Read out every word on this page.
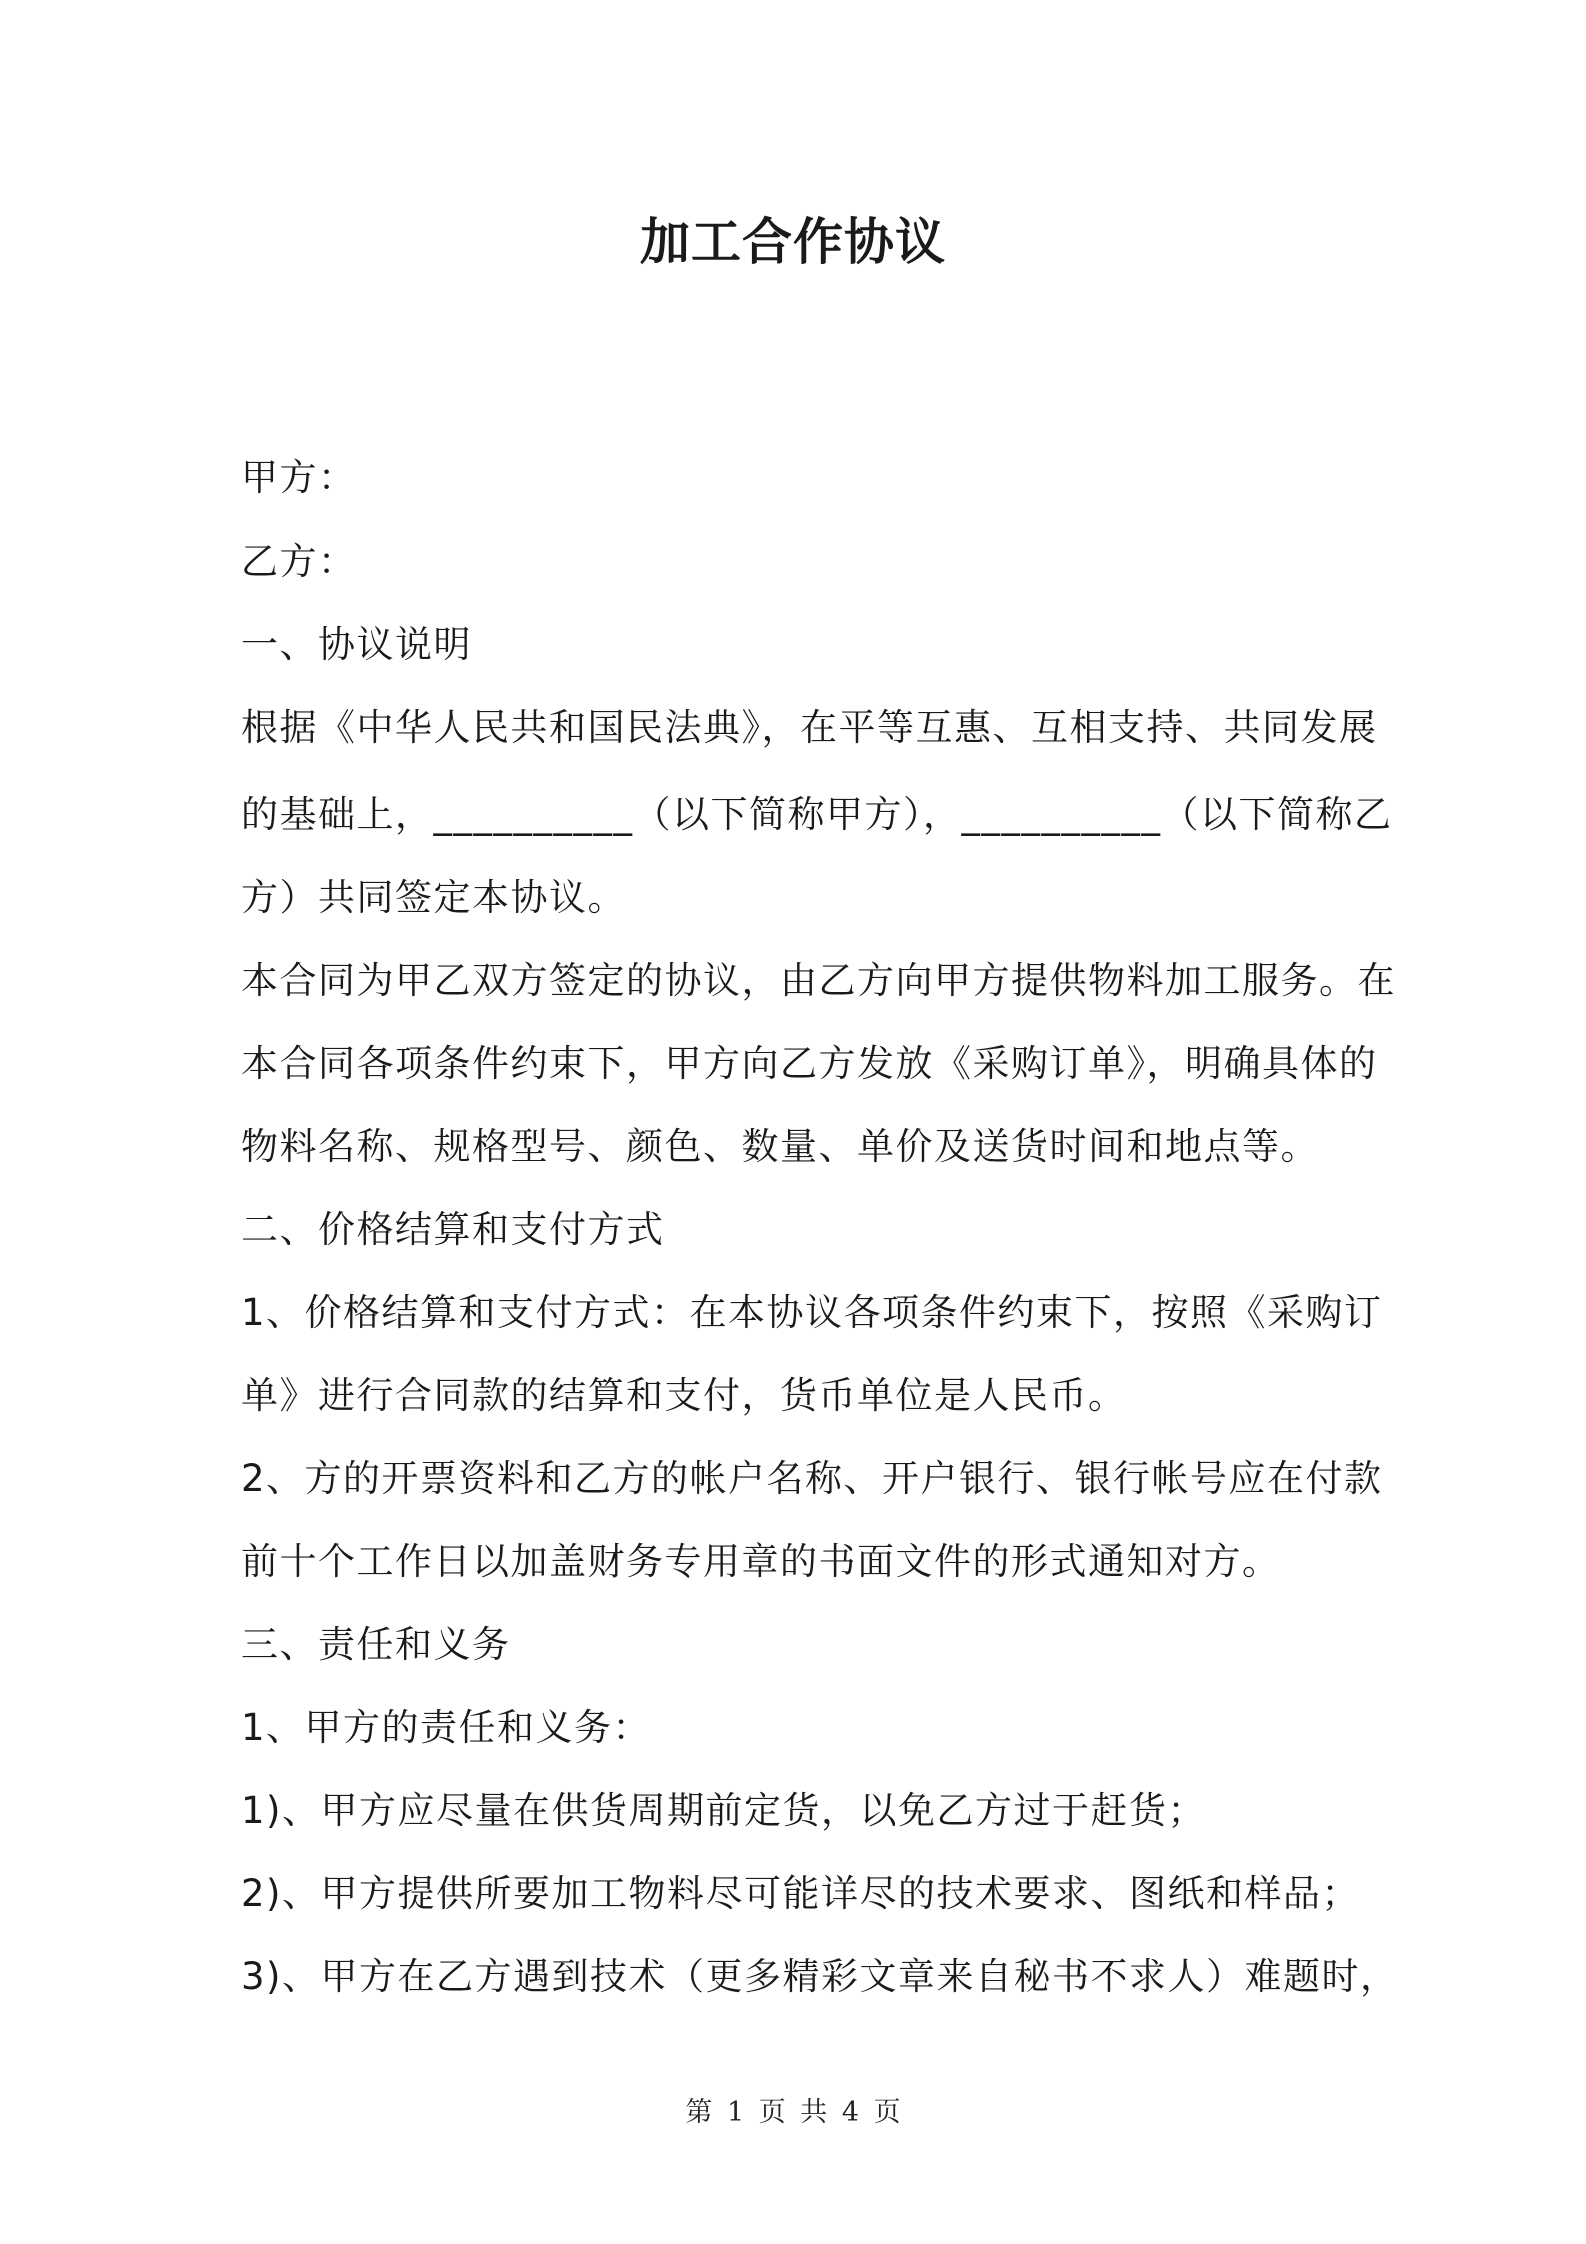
加工合作协议
甲方：
乙方：
一、协议说明
根据《中华人民共和国民法典》，在平等互惠、互相支持、共同发展
的基础上，__________（以下简称甲方），__________（以下简称乙
方）共同签定本协议。
本合同为甲乙双方签定的协议，由乙方向甲方提供物料加工服务。在
本合同各项条件约束下，甲方向乙方发放《采购订单》，明确具体的
物料名称、规格型号、颜色、数量、单价及送货时间和地点等。
二、价格结算和支付方式
1、价格结算和支付方式：在本协议各项条件约束下，按照《采购订
单》进行合同款的结算和支付，货币单位是人民币。
2、方的开票资料和乙方的帐户名称、开户银行、银行帐号应在付款
前十个工作日以加盖财务专用章的书面文件的形式通知对方。
三、责任和义务
1、甲方的责任和义务：
1)、甲方应尽量在供货周期前定货，以免乙方过于赶货；
2)、甲方提供所要加工物料尽可能详尽的技术要求、图纸和样品；
3)、甲方在乙方遇到技术（更多精彩文章来自秘书不求人）难题时，
第 1 页 共 4 页
